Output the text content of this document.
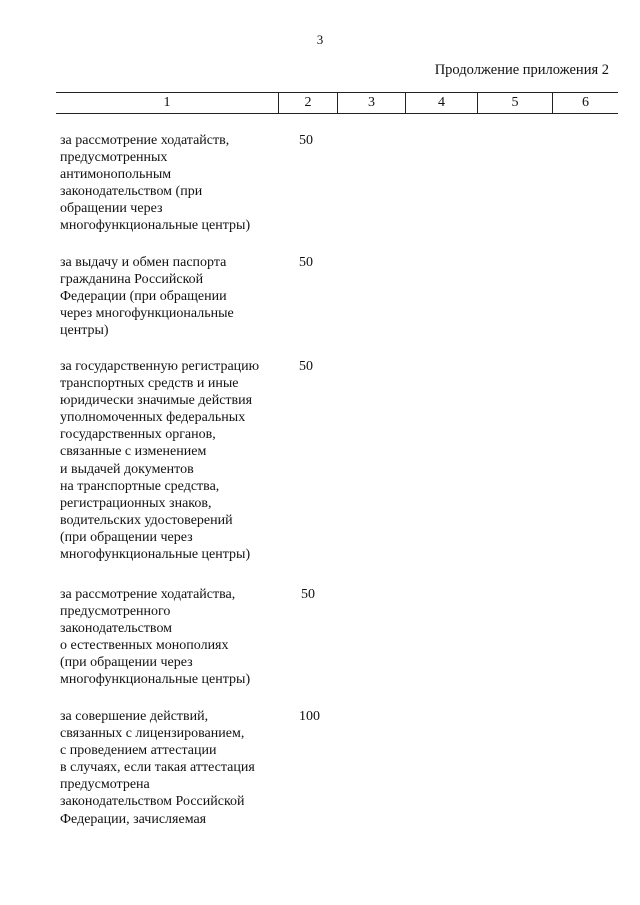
3
Продолжение приложения 2
1	2	3	4	5	6
за рассмотрение ходатайств,
предусмотренных
антимонопольным
законодательством (при
обращении через
многофункциональные центры)
50
за выдачу и обмен паспорта
гражданина Российской
Федерации (при обращении
через многофункциональные
центры)
50
за государственную регистрацию
транспортных средств и иные
юридически значимые действия
уполномоченных федеральных
государственных органов,
связанные с изменением
и выдачей документов
на транспортные средства,
регистрационных знаков,
водительских удостоверений
(при обращении через
многофункциональные центры)
50
за рассмотрение ходатайства,
предусмотренного
законодательством
о естественных монополиях
(при обращении через
многофункциональные центры)
50
за совершение действий,
связанных с лицензированием,
с проведением аттестации
в случаях, если такая аттестация
предусмотрена
законодательством Российской
Федерации, зачисляемая
100
